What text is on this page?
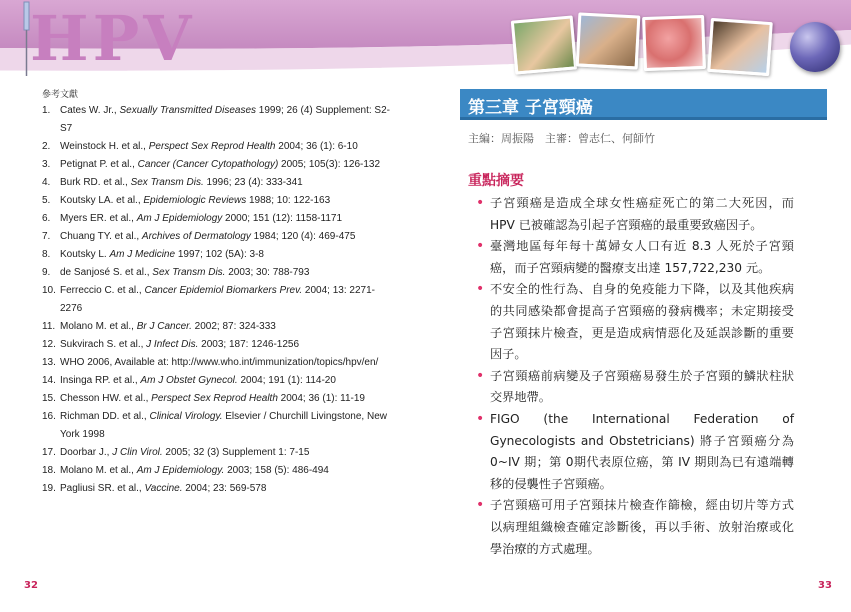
HPV
參考文獻
1. Cates W. Jr., Sexually Transmitted Diseases 1999; 26 (4) Supplement: S2-S7
2. Weinstock H. et al., Perspect Sex Reprod Health 2004; 36 (1): 6-10
3. Petignat P. et al., Cancer (Cancer Cytopathology) 2005; 105(3): 126-132
4. Burk RD. et al., Sex Transm Dis. 1996; 23 (4): 333-341
5. Koutsky LA. et al., Epidemiologic Reviews 1988; 10: 122-163
6. Myers ER. et al., Am J Epidemiology 2000; 151 (12): 1158-1171
7. Chuang TY. et al., Archives of Dermatology 1984; 120 (4): 469-475
8. Koutsky L. Am J Medicine 1997; 102 (5A): 3-8
9. de Sanjosé S. et al., Sex Transm Dis. 2003; 30: 788-793
10. Ferreccio C. et al., Cancer Epidemiol Biomarkers Prev. 2004; 13: 2271-2276
11. Molano M. et al., Br J Cancer. 2002; 87: 324-333
12. Sukvirach S. et al., J Infect Dis. 2003; 187: 1246-1256
13. WHO 2006, Available at: http://www.who.int/immunization/topics/hpv/en/
14. Insinga RP. et al., Am J Obstet Gynecol. 2004; 191 (1): 114-20
15. Chesson HW. et al., Perspect Sex Reprod Health 2004; 36 (1): 11-19
16. Richman DD. et al., Clinical Virology. Elsevier / Churchill Livingstone, New York 1998
17. Doorbar J., J Clin Virol. 2005; 32 (3) Supplement 1: 7-15
18. Molano M. et al., Am J Epidemiology. 2003; 158 (5): 486-494
19. Pagliusi SR. et al., Vaccine. 2004; 23: 569-578
32
第三章 子宮頸癌
主編：周振陽　主審：曾志仁、何師竹
重點摘要
• 子宮頸癌是造成全球女性癌症死亡的第二大死因，而HPV 已被確認為引起子宮頸癌的最重要致癌因子。
• 臺灣地區每年每十萬婦女人口有近 8.3 人死於子宮頸癌，而子宮頸病變的醫療支出達 157,722,230 元。
• 不安全的性行為、自身的免疫能力下降，以及其他疾病的共同感染都會提高子宮頸癌的發病機率；未定期接受子宮頸抹片檢查，更是造成病情惡化及延誤診斷的重要因子。
• 子宮頸癌前病變及子宮頸癌易發生於子宮頸的鱗狀柱狀交界地帶。
• FIGO (the International Federation of Gynecologists and Obstetricians) 將子宮頸癌分為 0~IV 期；第 0期代表原位癌，第 IV 期則為已有遠端轉移的侵襲性子宮頸癌。
• 子宮頸癌可用子宮頸抹片檢查作篩檢，經由切片等方式以病理組織檢查確定診斷後，再以手術、放射治療或化學治療的方式處理。
33
